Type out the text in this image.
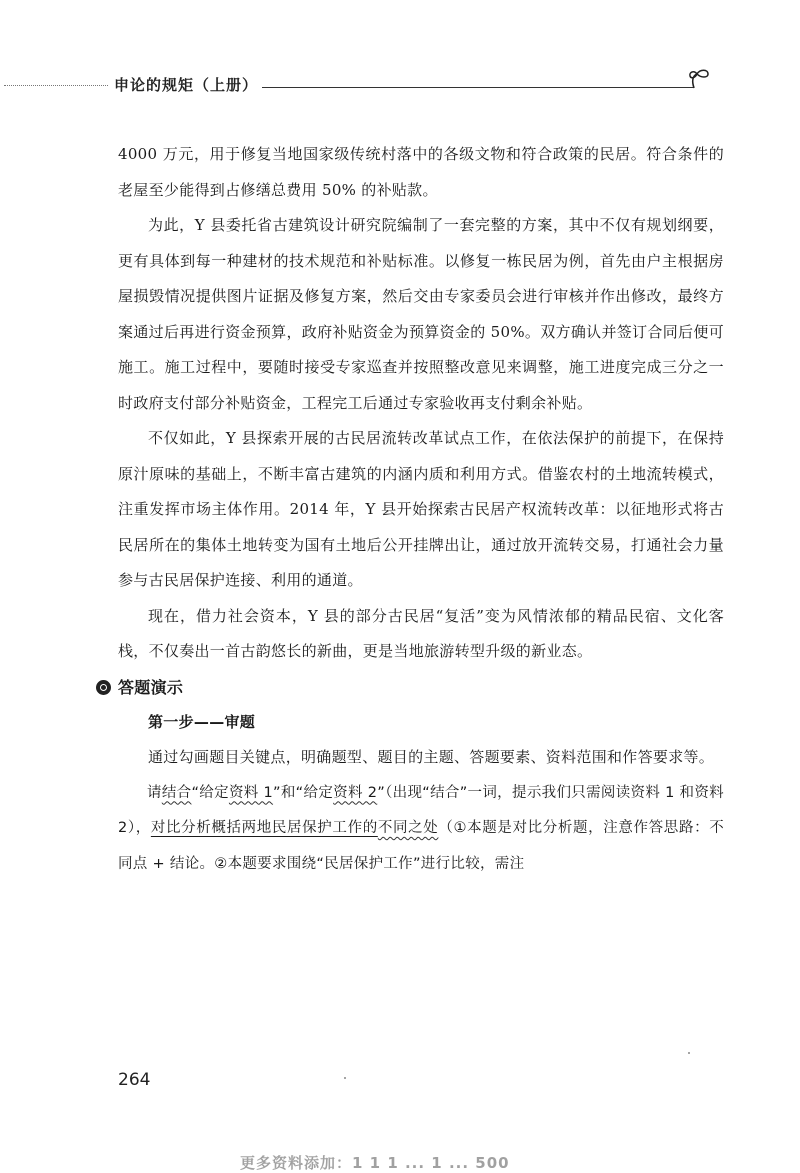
申论的规矩（上册）

4000 万元，用于修复当地国家级传统村落中的各级文物和符合政策的民居。符合条件的老屋至少能得到占修缮总费用 50% 的补贴款。

为此，Y 县委托省古建筑设计研究院编制了一套完整的方案，其中不仅有规划纲要，更有具体到每一种建材的技术规范和补贴标准。以修复一栋民居为例，首先由户主根据房屋损毁情况提供图片证据及修复方案，然后交由专家委员会进行审核并作出修改，最终方案通过后再进行资金预算，政府补贴资金为预算资金的 50%。双方确认并签订合同后便可施工。施工过程中，要随时接受专家巡查并按照整改意见来调整，施工进度完成三分之一时政府支付部分补贴资金，工程完工后通过专家验收再支付剩余补贴。

不仅如此，Y 县探索开展的古民居流转改革试点工作，在依法保护的前提下，在保持原汁原味的基础上，不断丰富古建筑的内涵内质和利用方式。借鉴农村的土地流转模式，注重发挥市场主体作用。2014 年，Y 县开始探索古民居产权流转改革：以征地形式将古民居所在的集体土地转变为国有土地后公开挂牌出让，通过放开流转交易，打通社会力量参与古民居保护连接、利用的通道。

现在，借力社会资本，Y 县的部分古民居“复活”变为风情浓郁的精品民宿、文化客栈，不仅奏出一首古韵悠长的新曲，更是当地旅游转型升级的新业态。

答题演示

第一步——审题

通过勾画题目关键点，明确题型、题目的主题、答题要素、资料范围和作答要求等。

请结合“给定资料 1”和“给定资料 2”（出现“结合”一词，提示我们只需阅读资料 1 和资料 2），对比分析概括两地民居保护工作的不同之处（①本题是对比分析题，注意作答思路：不同点 + 结论。②本题要求围绕“民居保护工作”进行比较，需注

264
更多资料添加：1 1 1 ... 1 ... 500
